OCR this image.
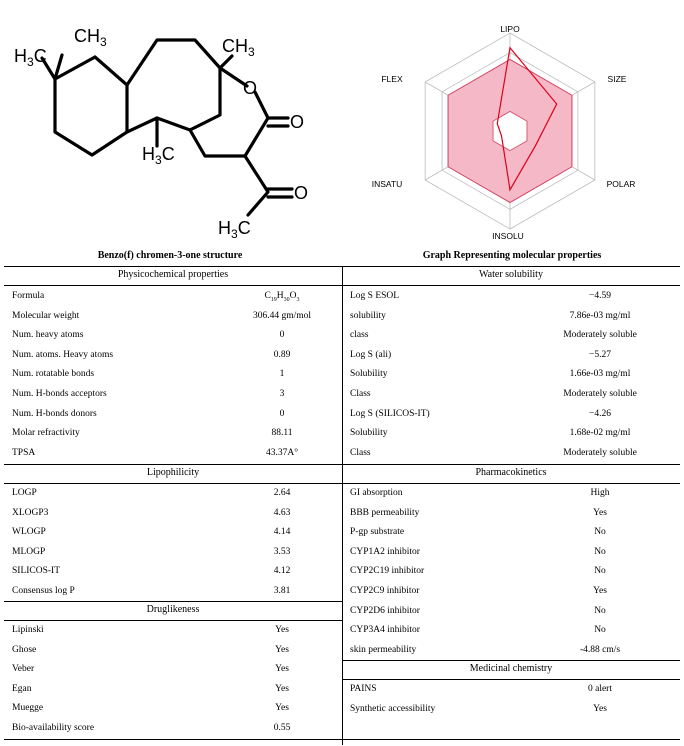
$CH_3$
$H_3C$	$CH_3$
O
O
$H_3C$
O
$H_3C$
LIPO
SIZE
POLAR
INSOLU
INSATU
FLEX
Benzo(f) chromen-3-one structure	Graph Representing molecular properties
Physicochemical properties	Water solubility
Lipophilicity	Pharmacokinetics
Druglikeness
Medicinal chemistry
Formula	$C_{19}H_{30}O_3$
Molecular weight	306.44 gm/mol
Num. heavy atoms	0
Num. atoms. Heavy atoms	0.89
Num. rotatable bonds	1
Num. H-bonds acceptors	3
Num. H-bonds donors	0
Molar refractivity	88.11
TPSA	43.37A°
Log S ESOL	−4.59
solubility	7.86e-03 mg/ml
class	Moderately soluble
Log S (ali)	−5.27
Solubility	1.66e-03 mg/ml
Class	Moderately soluble
Log S (SILICOS-IT)	−4.26
Solubility	1.68e-02 mg/ml
Class	Moderately soluble
LOGP	2.64
XLOGP3	4.63
WLOGP	4.14
MLOGP	3.53
SILICOS-IT	4.12
Consensus log P	3.81
GI absorption	High
BBB permeability	Yes
P-gp substrate	No
CYP1A2 inhibitor	No
CYP2C19 inhibitor	No
CYP2C9 inhibitor	Yes
CYP2D6 inhibitor	No
CYP3A4 inhibitor	No
skin permeability	-4.88 cm/s
Lipinski	Yes
Ghose	Yes
Veber	Yes
Egan	Yes
Muegge	Yes
Bio-availability score	0.55
PAINS	0 alert
Synthetic accessibility	Yes
